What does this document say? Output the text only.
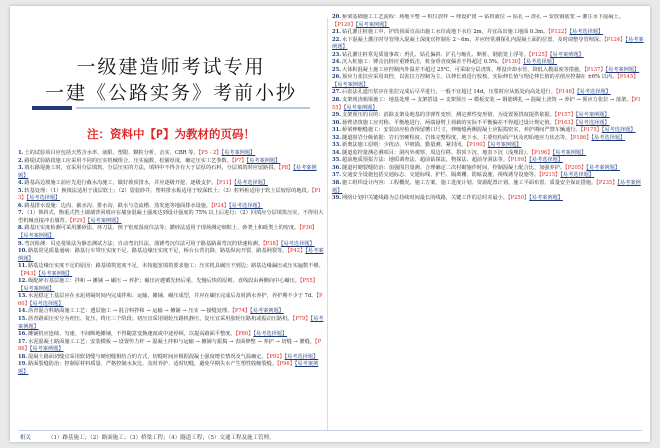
一级建造师考试专用
一建《公路实务》考前小抄
注：资料中【P】为教材的页码！

1.土的试验项目应包括天然含水率、液限、塑限、颗粒分析、击实、CBR 等。【P5 - 2】【易考案例题】

2.路堤试验路段施工应采用不同的压实机械组合、压实遍数、松铺厚度，确定压实工艺参数。【P7】【易考案例题】

3.填石路堤施工时，宜采用分层填筑、分层压实的方法，填料中不得含有大于层厚的石料，分层填筑时应留路拱。【P8】【易考案例题】

4.路基高边坡施工前应先进行截水沟施工，做好坡顶排水，并应逐级开挖、逐级支护。【P11】【易考选择题】

5.软基处理：（1）换填法适用于浅层软土；（2）袋装砂井、塑料排水板适用于较深软土；（3）粒料桩适用于软土层较厚的地段。【P13】【易考选择题】

6.路基排水设施：边沟、截水沟、排水沟、跌水与急流槽、蒸发池等地面排水设施。【P24】【易考选择题】

7.（1）仰斜式、衡重式挡土墙墙背回填应在墙身混凝土强度达到设计强度的 75% 以上后进行；（2）回填应分层填筑压实，不得用大型机械直接冲击墙背。【P29】【易考案例题】

8.路基压实度检测可采用灌砂法、环刀法、核子密度湿度仪法等；灌砂法适用于现场测定细粒土、砂类土和砾类土的密度。【P36】【易考案例题】

9.弯沉检测：贝克曼梁法为静态测试方法；自动弯沉仪法、落锤弯沉仪法可用于路基路面弯沉的快速检测。【P38】【易考选择题】

10.路基常见质量通病：路基行车带压实度不足、路基边缘压实度不足、桥台台背沉降、路基纵向开裂、路基网裂等。【P42】【易考案例题】

11.路基边缘压实度不足的原因：路基填筑宽度不足，未按超宽填筑要求施工；压实机具碾压不到边；路基边缘漏压或压实遍数不够。【P43】【易考案例题】

12.级配碎石基层施工：拌和 → 摊铺 → 碾压 → 养护；碾压应遵循先轻后重、先慢后快的原则，直线段由两侧向中心碾压。【P55】【易考案例题】

13.水泥稳定土基层应在水泥初凝时间内完成拌和、运输、摊铺、碾压成型，并应在碾压完成后及时洒水养护，养护期不少于 7d。【P60】【易考选择题】

14.沥青混合料路面施工工艺：透层施工 → 混合料拌和 → 运输 → 摊铺 → 压实 → 接缝处理。【P74】【易考案例题】

15.沥青路面压实分为初压、复压、终压三个阶段；初压宜采用钢轮压路机静压，复压宜采用胶轮压路机或振动压路机。【P79】【易考案例题】

16.摊铺机应连续、匀速、不间断地摊铺，不得随意变换速度或中途停顿，以提高路面平整度。【P80】【易考选择题】

17.水泥混凝土路面施工工艺：安装模板 → 设置传力杆 → 混凝土拌和与运输 → 摊铺与振捣 → 表面修整 → 养护 → 切缝 → 灌缝。【P86】【易考案例题】

18.混凝土路面切缝宜采用软切缝与硬切缝相结合的方式，切缝时间应根据混凝土强度增长情况及气温确定。【P92】【易考选择题】

19.路面裂缝防治：控制原材料质量、严格控制水灰比、及时养护、适时切缝，避免早期失水产生塑性收缩裂缝。【P96】【易考案例题】

20.桥梁基础施工工艺流程：场地平整 → 桩位放样 → 埋设护筒 → 钻机就位 → 钻孔 → 清孔 → 安放钢筋笼 → 灌注水下混凝土。【P120】【易考案例题】

21.钻孔灌注桩施工中，护筒顶面宜高出施工水位或地下水位 2m，并宜高出施工地面 0.3m。【P122】【易考选择题】

22.水下混凝土灌注时导管埋入混凝土深度宜控制在 2～6m，并应经常测探孔内混凝土面的位置，及时调整导管埋深。【P124】【易考案例题】

23.钻孔灌注桩常见质量事故：坍孔、钻孔偏斜、扩孔与缩孔、断桩、钢筋笼上浮等。【P125】【易考案例题】

24.沉入桩施工：锤击沉桩应重锤低击，桩身垂直度偏差不得超过 0.5%。【P130】【易考选择题】

25.大体积混凝土施工应控制内外温差不超过 25℃，可采取分层浇筑、埋设冷却水管、降低入模温度等措施。【P137】【易考案例题】

26.预应力张拉应采用双控，以张拉力控制为主，以伸长值进行校核，实际伸长值与理论伸长值的差值应控制在 ±6% 以内。【P145】【易考案例题】

27.后张法孔道压浆应在张拉完成后尽早进行，一般不宜超过 14d，压浆时应从低处向高处进行。【P148】【易考选择题】

28.支架现浇箱梁施工：地基处理 → 支架搭设 → 支架预压 → 模板安装 → 钢筋绑扎 → 混凝土浇筑 → 养护 → 预应力张拉 → 落架。【P155】【易考案例题】

29.支架预压的目的：消除支架及地基的非弹性变形，测定弹性变形值，为设置预拱度提供依据。【P157】【易考案例题】

30.悬臂浇筑施工应对称、平衡地进行，两端悬臂上荷载的实际不平衡偏差不得超过设计规定值。【P163】【易考选择题】

31.桥梁伸缩缝施工：安装前应检查预留槽口尺寸，伸缩缝两侧混凝土应振捣密实，养护期间严禁车辆通行。【P175】【易考选择题】

32.隧道围岩分级依据：岩石坚硬程度、岩体完整程度、地下水、主要结构面产状及初始地应力状态等。【P186】【易考选择题】

33.新奥法施工原则：少扰动、早喷锚、勤量测、紧封闭。【P190】【易考案例题】

34.隧道监控量测必测项目：洞内外观察、周边位移、拱顶下沉、地表下沉（浅埋段）。【P196】【易考案例题】

35.超前地质预报方法：地质调查法、超前钻探法、物探法、超前导洞法等。【P199】【易考选择题】

36.隧道衬砌裂缝防治：加强围岩量测、合理确定二次衬砌施作时间、控制混凝土配合比、加强养护。【P205】【易考案例题】

37.交通安全设施包括交通标志、交通标线、护栏、隔离栅、防眩设施、视线诱导设施等。【P215】【易考选择题】

38.施工组织设计内容：工程概况、施工方案、施工进度计划、资源配置计划、施工平面布置、质量安全保证措施。【P235】【易考案例题】

39.网络计划中关键线路为总持续时间最长的线路，关键工作的总时差最小。【P250】【易考案例题】

相关	（1）路基施工；（2）路面施工；（3）桥梁工程；（4）隧道工程；（5）交通工程及施工管理。
